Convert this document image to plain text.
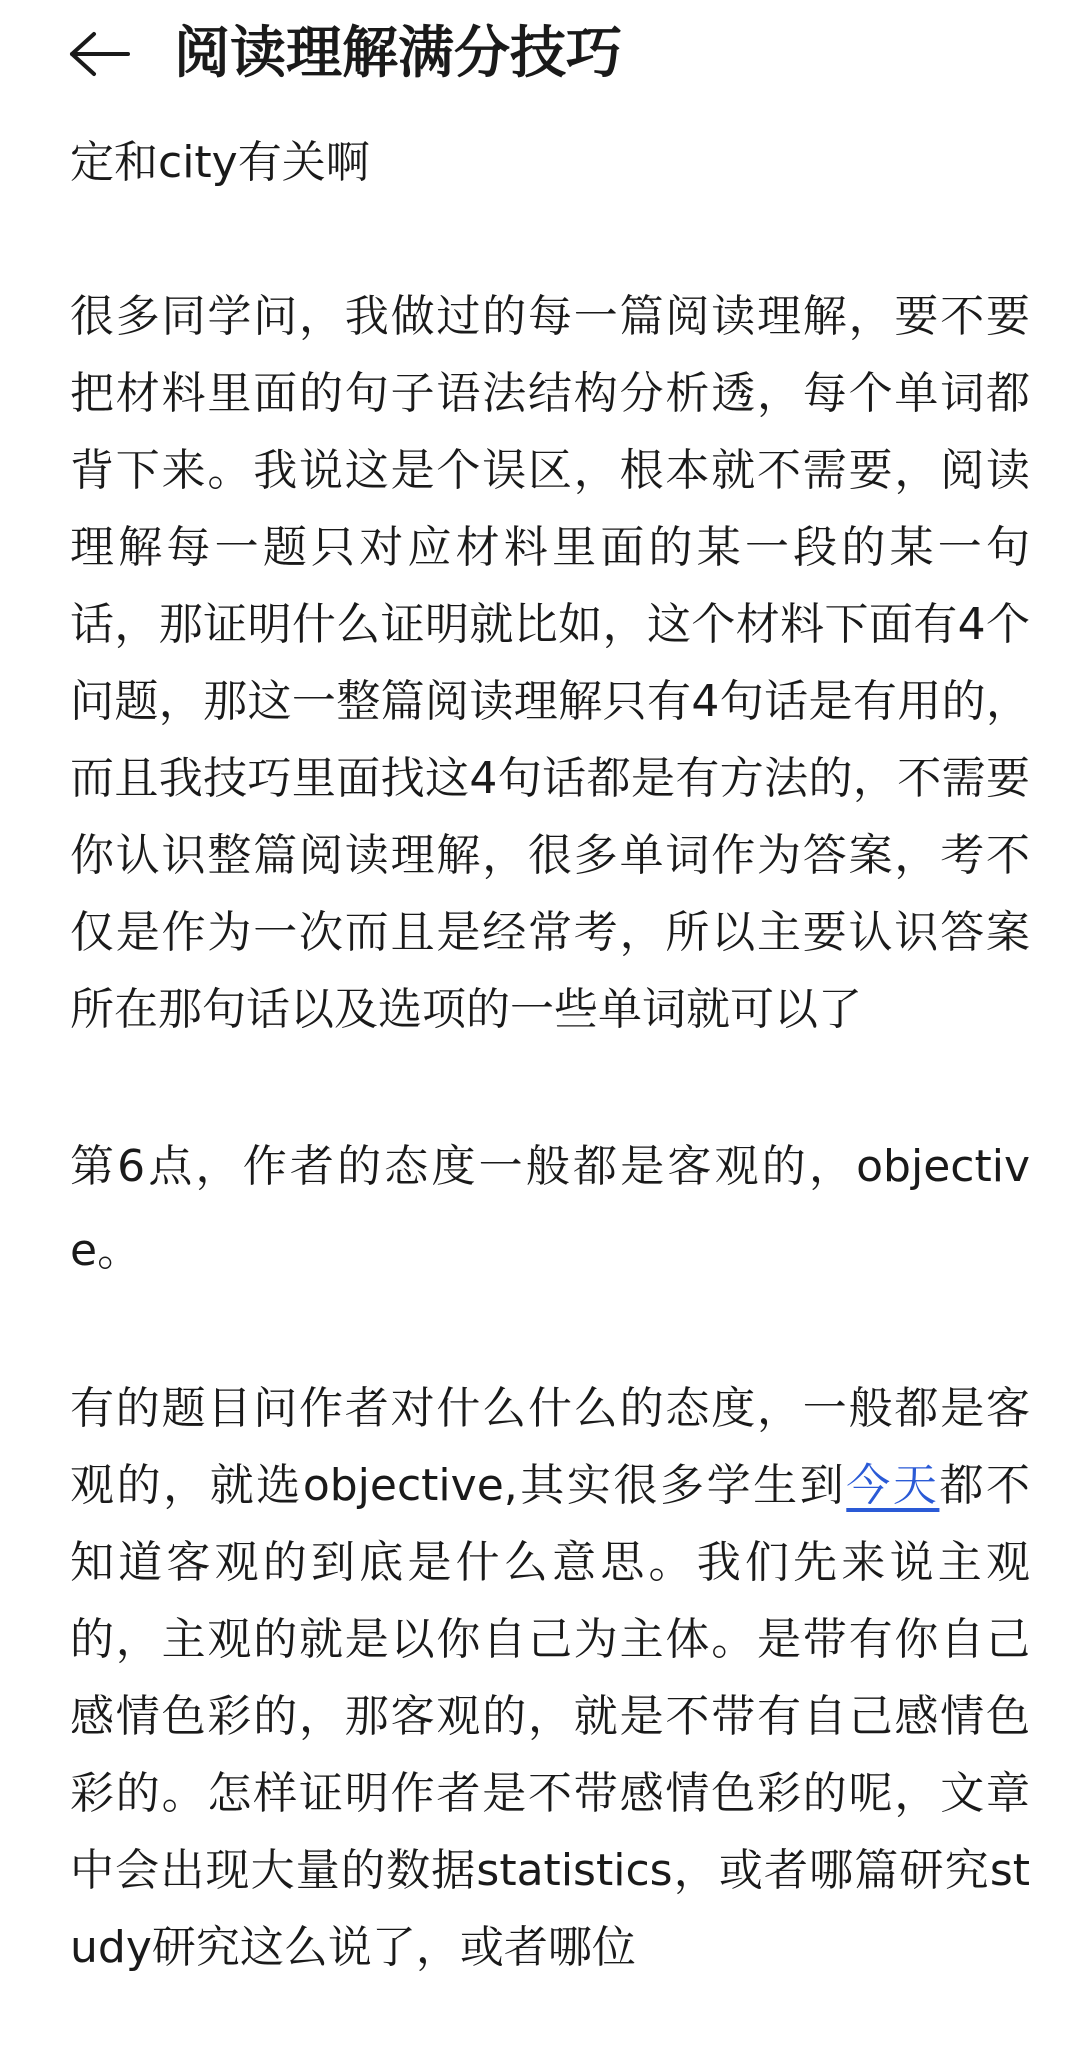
阅读理解满分技巧

定和city有关啊

很多同学问，我做过的每一篇阅读理解，要不要把材料里面的句子语法结构分析透，每个单词都背下来。我说这是个误区，根本就不需要，阅读理解每一题只对应材料里面的某一段的某一句话，那证明什么证明就比如，这个材料下面有4个问题，那这一整篇阅读理解只有4句话是有用的，而且我技巧里面找这4句话都是有方法的，不需要你认识整篇阅读理解，很多单词作为答案，考不仅是作为一次而且是经常考，所以主要认识答案所在那句话以及选项的一些单词就可以了

第6点，作者的态度一般都是客观的，objective。

有的题目问作者对什么什么的态度，一般都是客观的，就选objective,其实很多学生到今天都不知道客观的到底是什么意思。我们先来说主观的，主观的就是以你自己为主体。是带有你自己感情色彩的，那客观的，就是不带有自己感情色彩的。怎样证明作者是不带感情色彩的呢，文章中会出现大量的数据statistics，或者哪篇研究study研究这么说了，或者哪位
